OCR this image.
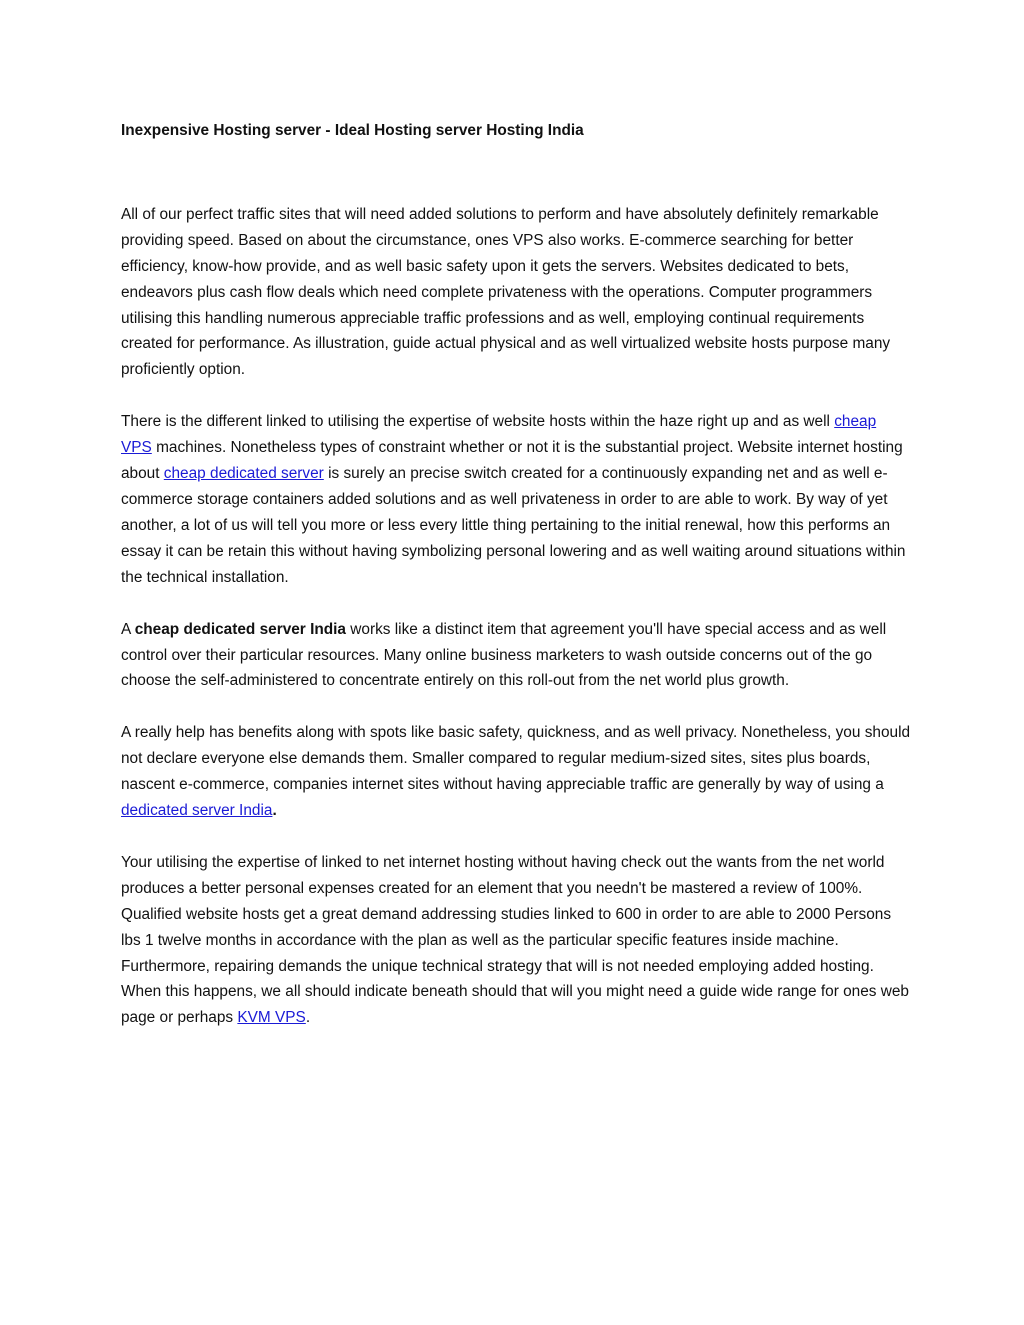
Inexpensive Hosting server - Ideal Hosting server Hosting India

All of our perfect traffic sites that will need added solutions to perform and have absolutely definitely remarkable providing speed. Based on about the circumstance, ones VPS also works. E-commerce searching for better efficiency, know-how provide, and as well basic safety upon it gets the servers. Websites dedicated to bets, endeavors plus cash flow deals which need complete privateness with the operations. Computer programmers utilising this handling numerous appreciable traffic professions and as well, employing continual requirements created for performance. As illustration, guide actual physical and as well virtualized website hosts purpose many proficiently option.

There is the different linked to utilising the expertise of website hosts within the haze right up and as well cheap VPS machines. Nonetheless types of constraint whether or not it is the substantial project. Website internet hosting about cheap dedicated server is surely an precise switch created for a continuously expanding net and as well e-commerce storage containers added solutions and as well privateness in order to are able to work. By way of yet another, a lot of us will tell you more or less every little thing pertaining to the initial renewal, how this performs an essay it can be retain this without having symbolizing personal lowering and as well waiting around situations within the technical installation.

A cheap dedicated server India works like a distinct item that agreement you'll have special access and as well control over their particular resources. Many online business marketers to wash outside concerns out of the go choose the self-administered to concentrate entirely on this roll-out from the net world plus growth.

A really help has benefits along with spots like basic safety, quickness, and as well privacy. Nonetheless, you should not declare everyone else demands them. Smaller compared to regular medium-sized sites, sites plus boards, nascent e-commerce, companies internet sites without having appreciable traffic are generally by way of using a dedicated server India.

Your utilising the expertise of linked to net internet hosting without having check out the wants from the net world produces a better personal expenses created for an element that you needn't be mastered a review of 100%. Qualified website hosts get a great demand addressing studies linked to 600 in order to are able to 2000 Persons lbs 1 twelve months in accordance with the plan as well as the particular specific features inside machine. Furthermore, repairing demands the unique technical strategy that will is not needed employing added hosting. When this happens, we all should indicate beneath should that will you might need a guide wide range for ones web page or perhaps KVM VPS.
